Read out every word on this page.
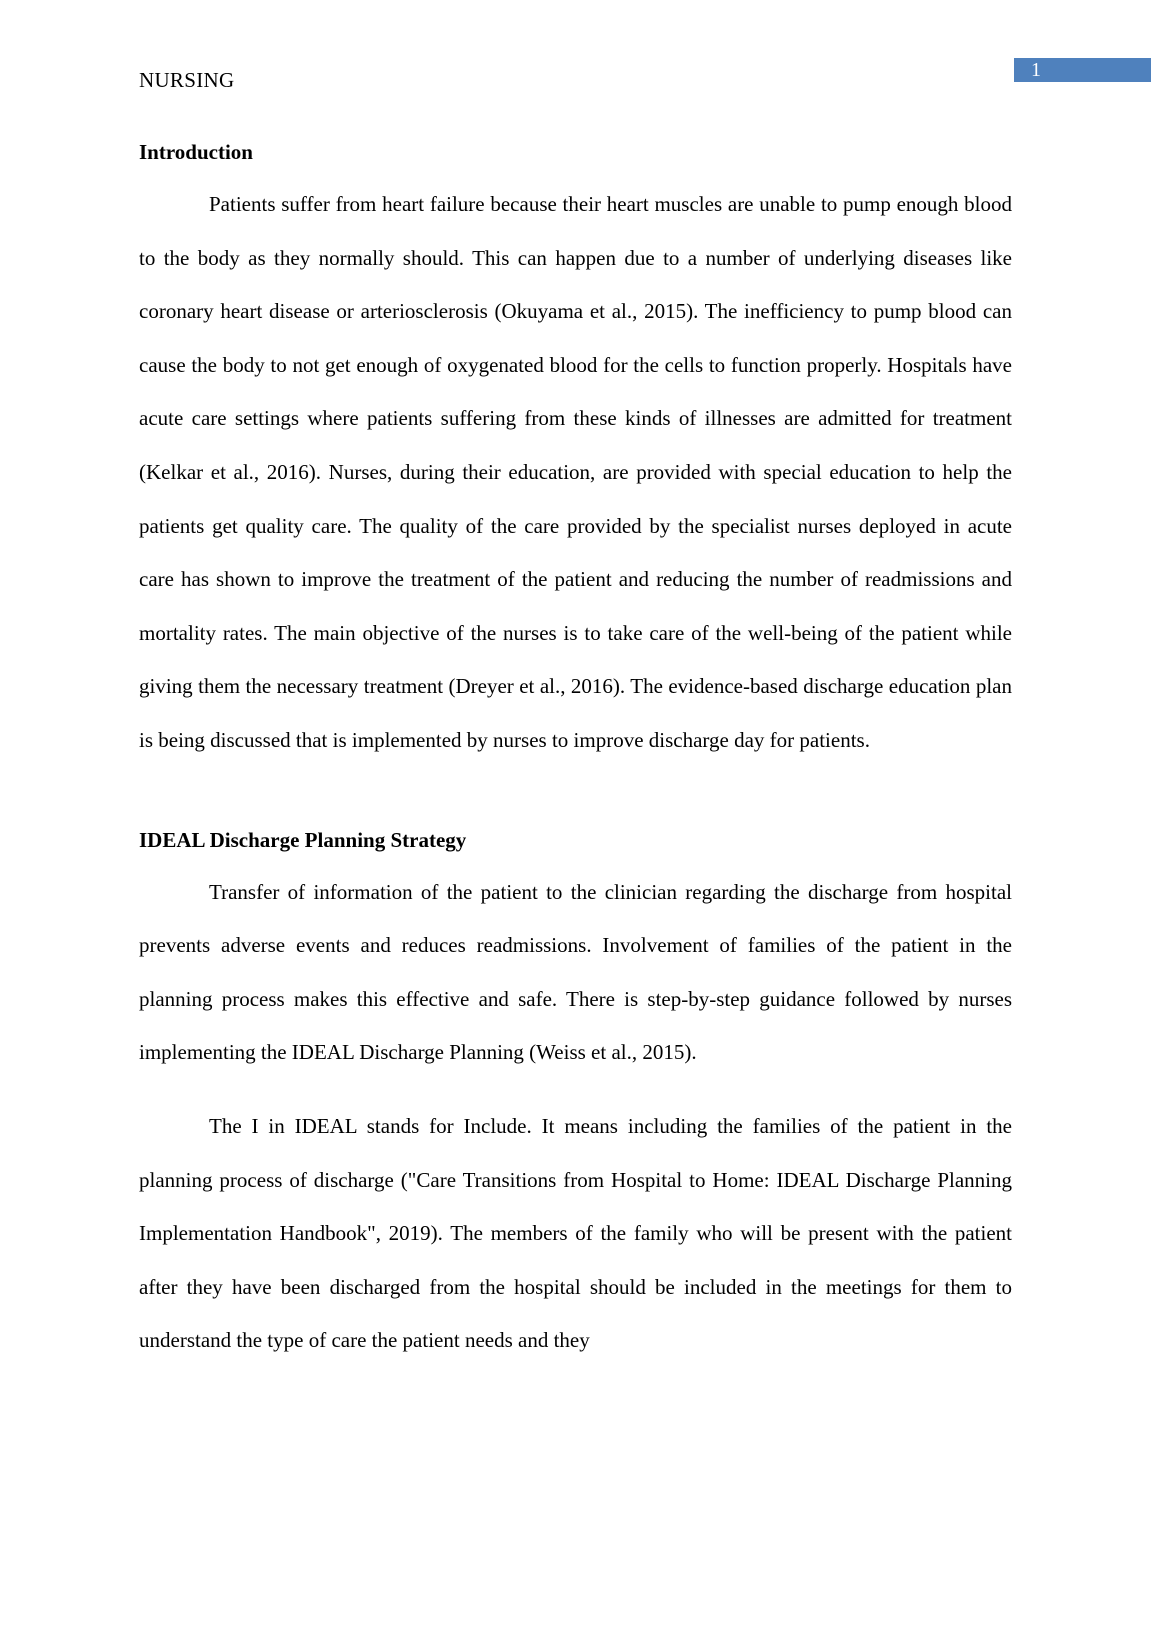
1
NURSING
Introduction

Patients suffer from heart failure because their heart muscles are unable to pump enough blood to the body as they normally should. This can happen due to a number of underlying diseases like coronary heart disease or arteriosclerosis (Okuyama et al., 2015). The inefficiency to pump blood can cause the body to not get enough of oxygenated blood for the cells to function properly. Hospitals have acute care settings where patients suffering from these kinds of illnesses are admitted for treatment (Kelkar et al., 2016). Nurses, during their education, are provided with special education to help the patients get quality care. The quality of the care provided by the specialist nurses deployed in acute care has shown to improve the treatment of the patient and reducing the number of readmissions and mortality rates. The main objective of the nurses is to take care of the well-being of the patient while giving them the necessary treatment (Dreyer et al., 2016). The evidence-based discharge education plan is being discussed that is implemented by nurses to improve discharge day for patients.

IDEAL Discharge Planning Strategy

Transfer of information of the patient to the clinician regarding the discharge from hospital prevents adverse events and reduces readmissions. Involvement of families of the patient in the planning process makes this effective and safe. There is step-by-step guidance followed by nurses implementing the IDEAL Discharge Planning (Weiss et al., 2015).

The I in IDEAL stands for Include. It means including the families of the patient in the planning process of discharge ("Care Transitions from Hospital to Home: IDEAL Discharge Planning Implementation Handbook", 2019). The members of the family who will be present with the patient after they have been discharged from the hospital should be included in the meetings for them to understand the type of care the patient needs and they
